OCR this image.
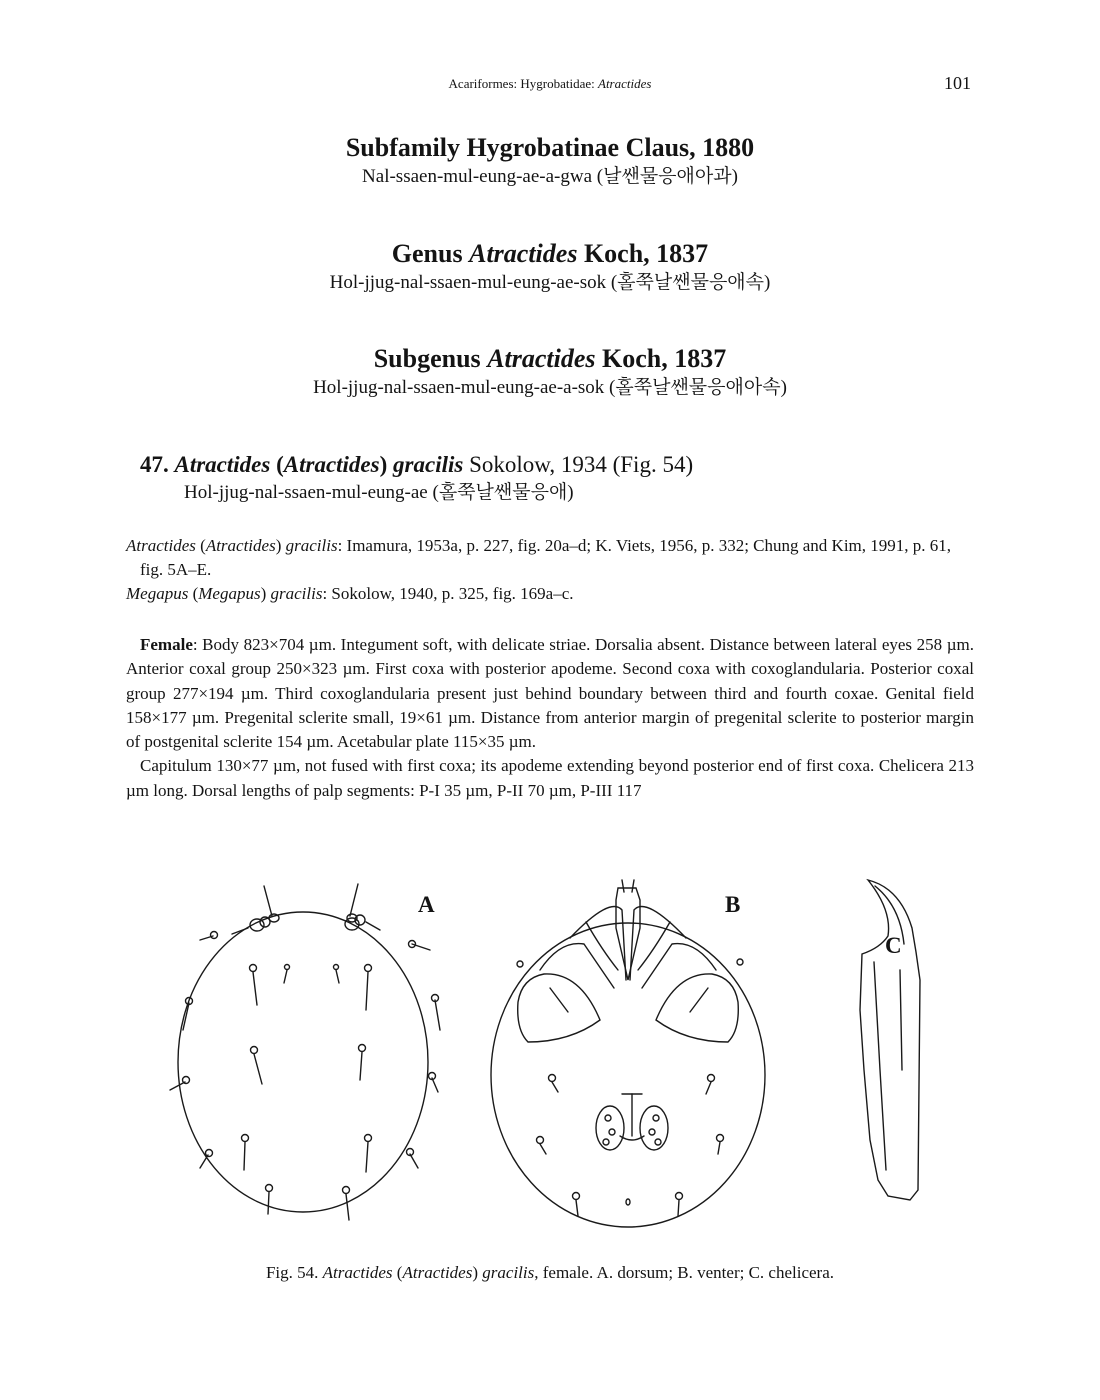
Acariformes: Hygrobatidae: Atractides	101
Subfamily Hygrobatinae Claus, 1880
Nal-ssaen-mul-eung-ae-a-gwa (날쌘물응애아과)
Genus Atractides Koch, 1837
Hol-jjug-nal-ssaen-mul-eung-ae-sok (홀쭉날쌘물응애속)
Subgenus Atractides Koch, 1837
Hol-jjug-nal-ssaen-mul-eung-ae-a-sok (홀쭉날쌘물응애아속)
47. Atractides (Atractides) gracilis Sokolow, 1934 (Fig. 54)
Hol-jjug-nal-ssaen-mul-eung-ae (홀쭉날쌘물응애)

Atractides (Atractides) gracilis: Imamura, 1953a, p. 227, fig. 20a–d; K. Viets, 1956, p. 332; Chung and Kim, 1991, p. 61, fig. 5A–E.

Megapus (Megapus) gracilis: Sokolow, 1940, p. 325, fig. 169a–c.

Female: Body 823×704 µm. Integument soft, with delicate striae. Dorsalia absent. Distance between lateral eyes 258 µm. Anterior coxal group 250×323 µm. First coxa with posterior apodeme. Second coxa with coxoglandularia. Posterior coxal group 277×194 µm. Third coxoglandularia present just behind boundary between third and fourth coxae. Genital field 158×177 µm. Pregenital sclerite small, 19×61 µm. Distance from anterior margin of pregenital sclerite to posterior margin of postgenital sclerite 154 µm. Acetabular plate 115×35 µm.

Capitulum 130×77 µm, not fused with first coxa; its apodeme extending beyond posterior end of first coxa. Chelicera 213 µm long. Dorsal lengths of palp segments: P-I 35 µm, P-II 70 µm, P-III 117

A	B
C
Fig. 54. Atractides (Atractides) gracilis, female. A. dorsum; B. venter; C. chelicera.
